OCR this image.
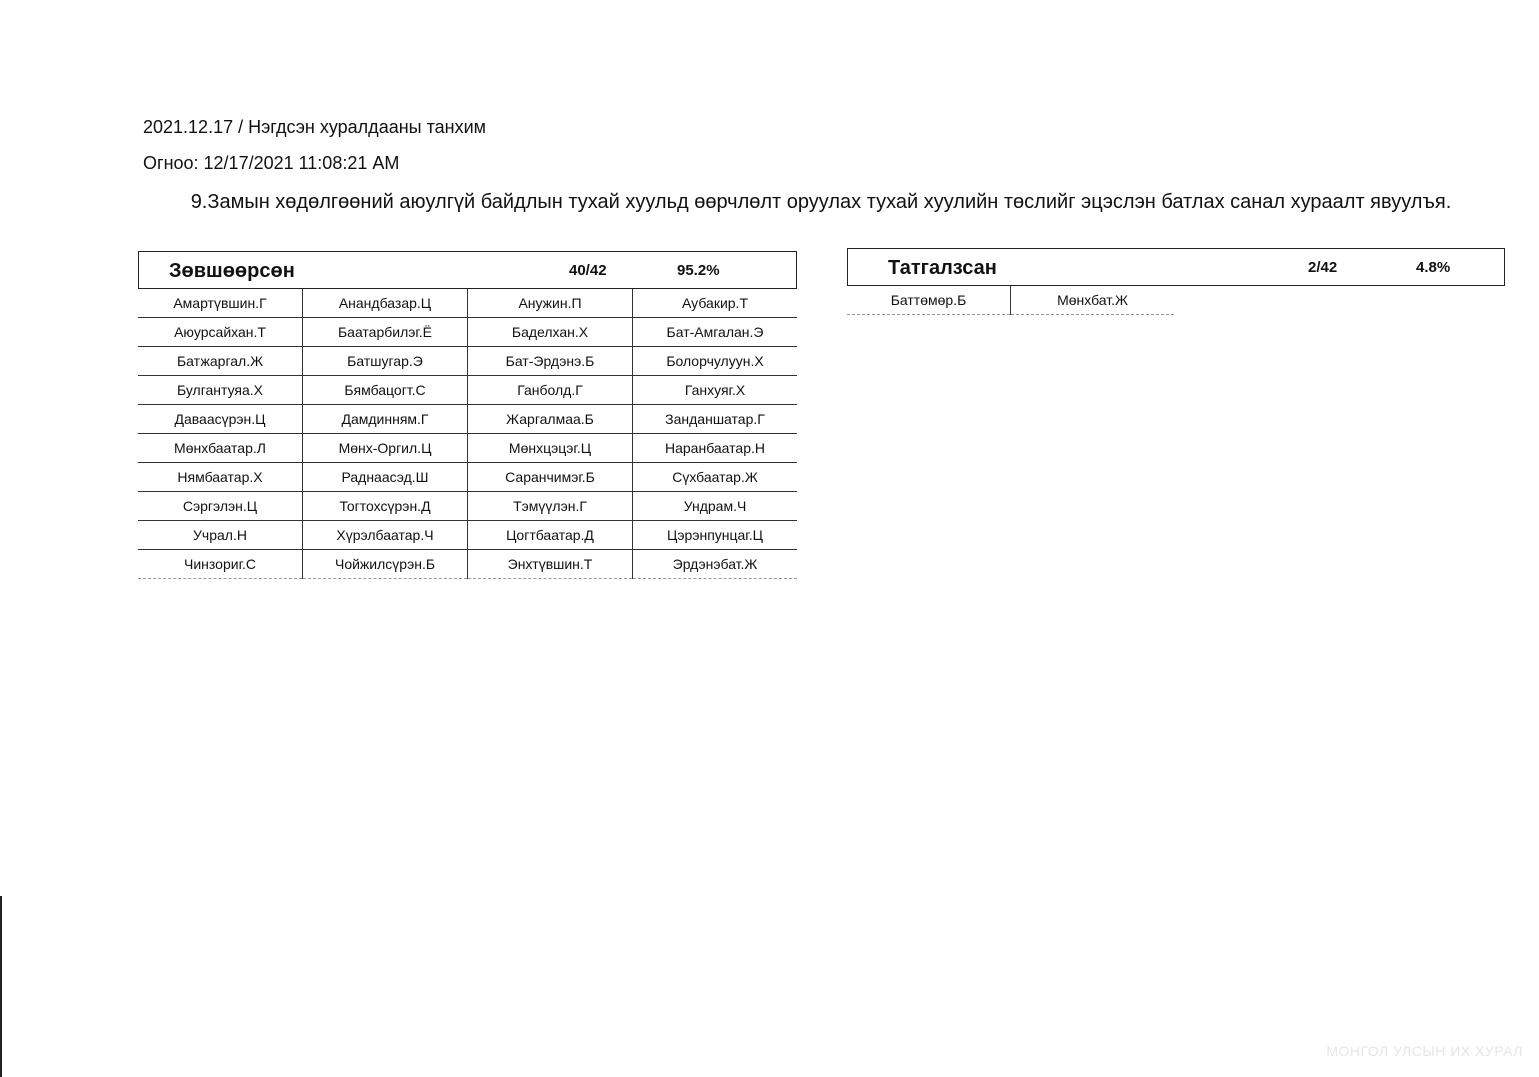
2021.12.17 / Нэгдсэн хуралдааны танхим
Огноо: 12/17/2021 11:08:21 AM
9.Замын хөдөлгөөний аюулгүй байдлын тухай хуульд өөрчлөлт оруулах тухай хуулийн төслийг эцэслэн батлах санал хураалт явуулъя.
Зөвшөөрсөн	40/42	95.2%
Амартүвшин.Г	Анандбазар.Ц	Анужин.П	Аубакир.Т
Аюурсайхан.Т	Баатарбилэг.Ё	Баделхан.Х	Бат-Амгалан.Э
Батжаргал.Ж	Батшугар.Э	Бат-Эрдэнэ.Б	Болорчулуун.Х
Булгантуяа.Х	Бямбацогт.С	Ганболд.Г	Ганхуяг.Х
Даваасүрэн.Ц	Дамдинням.Г	Жаргалмаа.Б	Занданшатар.Г
Мөнхбаатар.Л	Мөнх-Оргил.Ц	Мөнхцэцэг.Ц	Наранбаатар.Н
Нямбаатар.Х	Раднаасэд.Ш	Саранчимэг.Б	Сүхбаатар.Ж
Сэргэлэн.Ц	Тогтохсүрэн.Д	Тэмүүлэн.Г	Ундрам.Ч
Учрал.Н	Хүрэлбаатар.Ч	Цогтбаатар.Д	Цэрэнпунцаг.Ц
Чинзориг.С	Чойжилсүрэн.Б	Энхтүвшин.Т	Эрдэнэбат.Ж
Татгалзсан	2/42	4.8%
Баттөмөр.Б	Мөнхбат.Ж
МОНГОЛ УЛСЫН ИХ ХУРАЛ
